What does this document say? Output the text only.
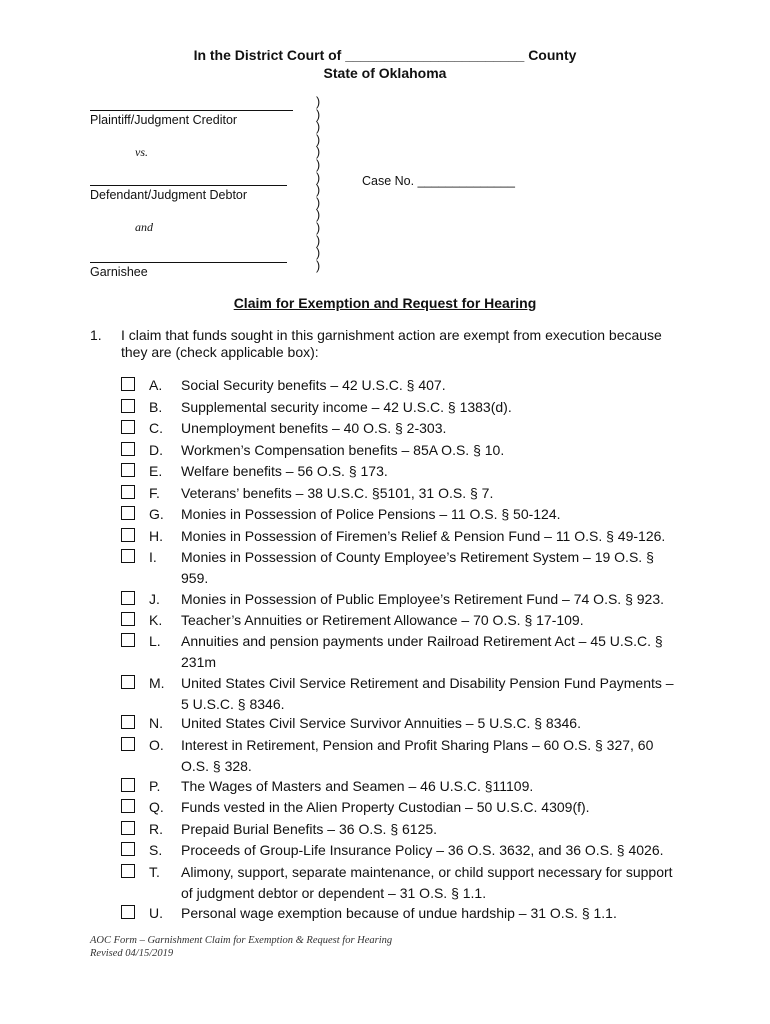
In the District Court of _______________________ County
State of Oklahoma
Plaintiff/Judgment Creditor
vs.
Defendant/Judgment Debtor
and
Garnishee
)
)
)
)
)
)
)
)
)
)
)
)
)
)
Case No. ______________
Claim for Exemption and Request for Hearing
1. I claim that funds sought in this garnishment action are exempt from execution because they are (check applicable box):
A. Social Security benefits – 42 U.S.C. § 407.
B. Supplemental security income – 42 U.S.C. § 1383(d).
C. Unemployment benefits – 40 O.S. § 2-303.
D. Workmen’s Compensation benefits – 85A O.S. § 10.
E. Welfare benefits – 56 O.S. § 173.
F. Veterans’ benefits – 38 U.S.C. §5101, 31 O.S. § 7.
G. Monies in Possession of Police Pensions – 11 O.S. § 50-124.
H. Monies in Possession of Firemen’s Relief & Pension Fund – 11 O.S. § 49-126.
I. Monies in Possession of County Employee’s Retirement System – 19 O.S. § 959.
J. Monies in Possession of Public Employee’s Retirement Fund – 74 O.S. § 923.
K. Teacher’s Annuities or Retirement Allowance – 70 O.S. § 17-109.
L. Annuities and pension payments under Railroad Retirement Act – 45 U.S.C. § 231m
M. United States Civil Service Retirement and Disability Pension Fund Payments – 5 U.S.C. § 8346.
N. United States Civil Service Survivor Annuities – 5 U.S.C. § 8346.
O. Interest in Retirement, Pension and Profit Sharing Plans – 60 O.S. § 327, 60 O.S. § 328.
P. The Wages of Masters and Seamen – 46 U.S.C. §11109.
Q. Funds vested in the Alien Property Custodian – 50 U.S.C. 4309(f).
R. Prepaid Burial Benefits – 36 O.S. § 6125.
S. Proceeds of Group-Life Insurance Policy – 36 O.S. 3632, and 36 O.S. § 4026.
T. Alimony, support, separate maintenance, or child support necessary for support of judgment debtor or dependent – 31 O.S. § 1.1.
U. Personal wage exemption because of undue hardship – 31 O.S. § 1.1.
AOC Form – Garnishment Claim for Exemption & Request for Hearing
Revised 04/15/2019
